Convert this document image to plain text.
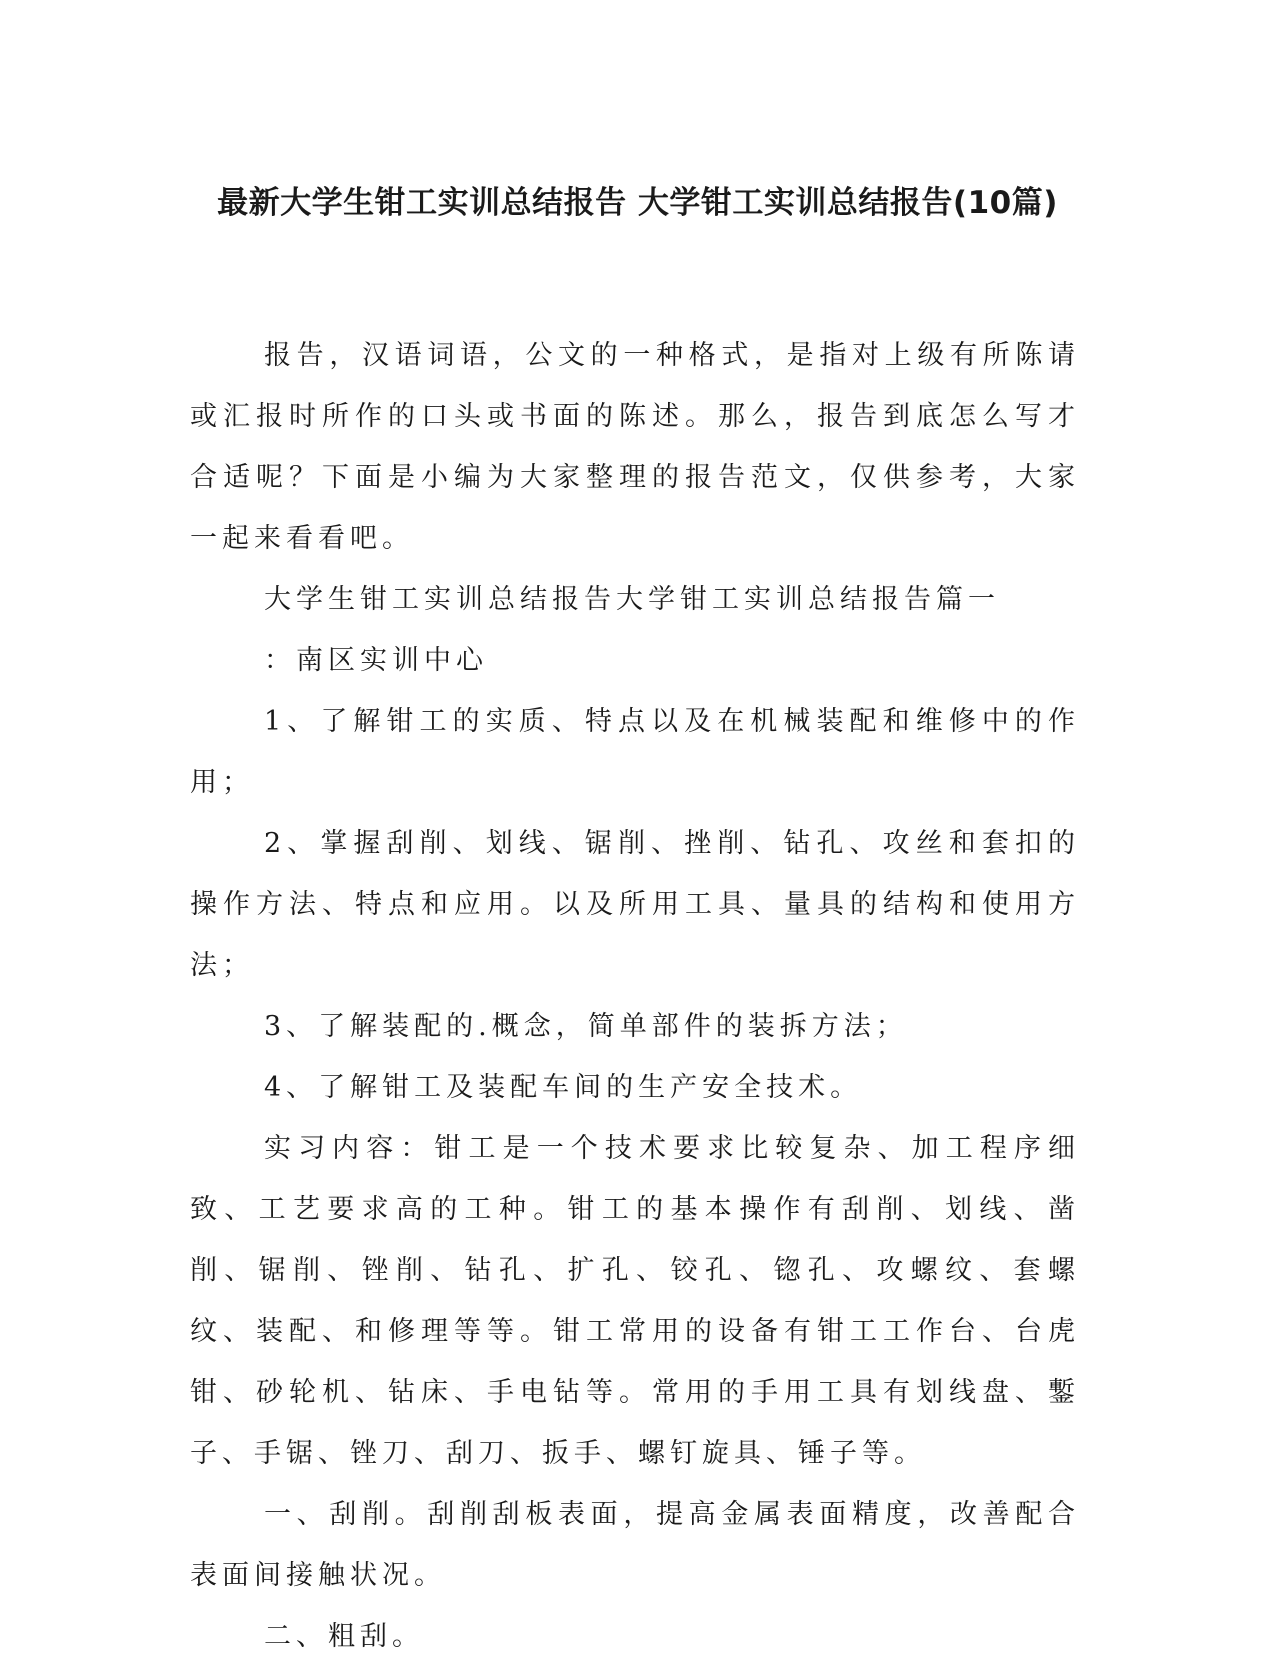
最新大学生钳工实训总结报告 大学钳工实训总结报告(10篇)

报告，汉语词语，公文的一种格式，是指对上级有所陈请或汇报时所作的口头或书面的陈述。那么，报告到底怎么写才合适呢？下面是小编为大家整理的报告范文，仅供参考，大家一起来看看吧。

大学生钳工实训总结报告大学钳工实训总结报告篇一

：南区实训中心

1、了解钳工的实质、特点以及在机械装配和维修中的作用；

2、掌握刮削、划线、锯削、挫削、钻孔、攻丝和套扣的操作方法、特点和应用。以及所用工具、量具的结构和使用方法；

3、了解装配的.概念，简单部件的装拆方法；

4、了解钳工及装配车间的生产安全技术。

实习内容：钳工是一个技术要求比较复杂、加工程序细致、工艺要求高的工种。钳工的基本操作有刮削、划线、凿削、锯削、锉削、钻孔、扩孔、铰孔、锪孔、攻螺纹、套螺纹、装配、和修理等等。钳工常用的设备有钳工工作台、台虎钳、砂轮机、钻床、手电钻等。常用的手用工具有划线盘、鏨子、手锯、锉刀、刮刀、扳手、螺钉旋具、锤子等。

一、刮削。刮削刮板表面，提高金属表面精度，改善配合表面间接触状况。

二、粗刮。
